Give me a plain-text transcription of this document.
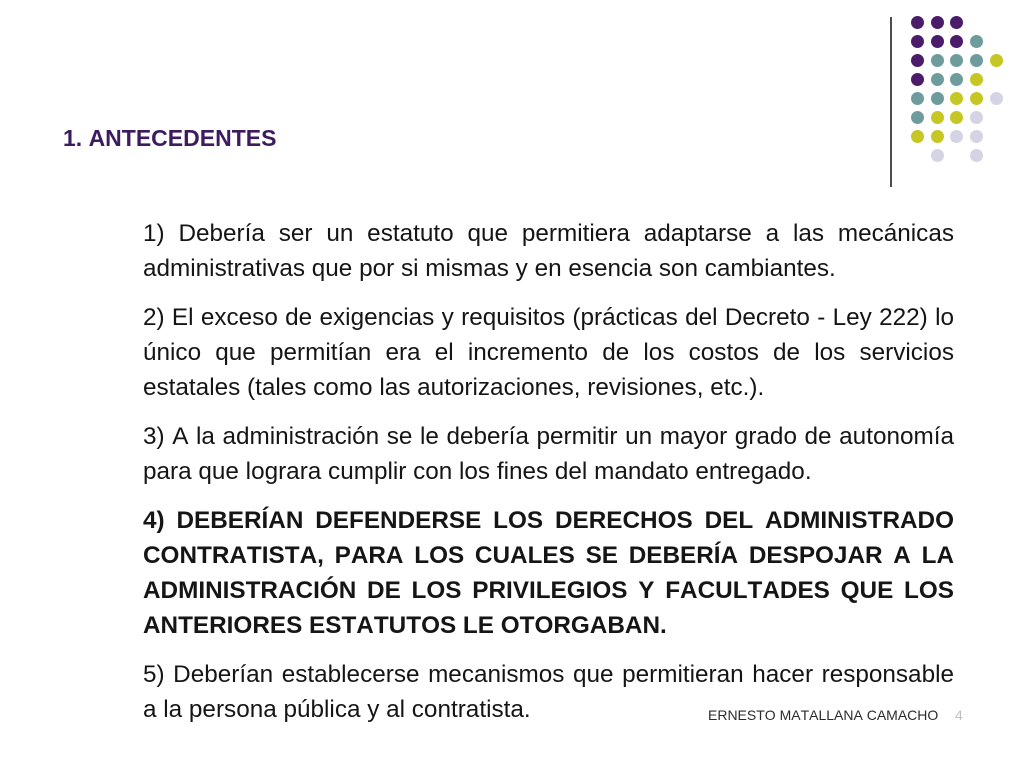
1. ANTECEDENTES

1) Debería ser un estatuto que permitiera adaptarse a las mecánicas administrativas que por si mismas y en esencia son cambiantes.

2) El exceso de exigencias y requisitos (prácticas del Decreto - Ley 222) lo único que permitían era el incremento de los costos de los servicios estatales (tales como las autorizaciones, revisiones, etc.).

3) A la administración se le debería permitir un mayor grado de autonomía para que lograra cumplir con los fines del mandato entregado.

4) DEBERÍAN DEFENDERSE LOS DERECHOS DEL ADMINISTRADO CONTRATISTA, PARA LOS CUALES SE DEBERÍA DESPOJAR A LA ADMINISTRACIÓN DE LOS PRIVILEGIOS Y FACULTADES QUE LOS ANTERIORES ESTATUTOS LE OTORGABAN.

5) Deberían establecerse mecanismos que permitieran hacer responsable a la persona pública y al contratista.	ERNESTO MATALLANA CAMACHO 4
